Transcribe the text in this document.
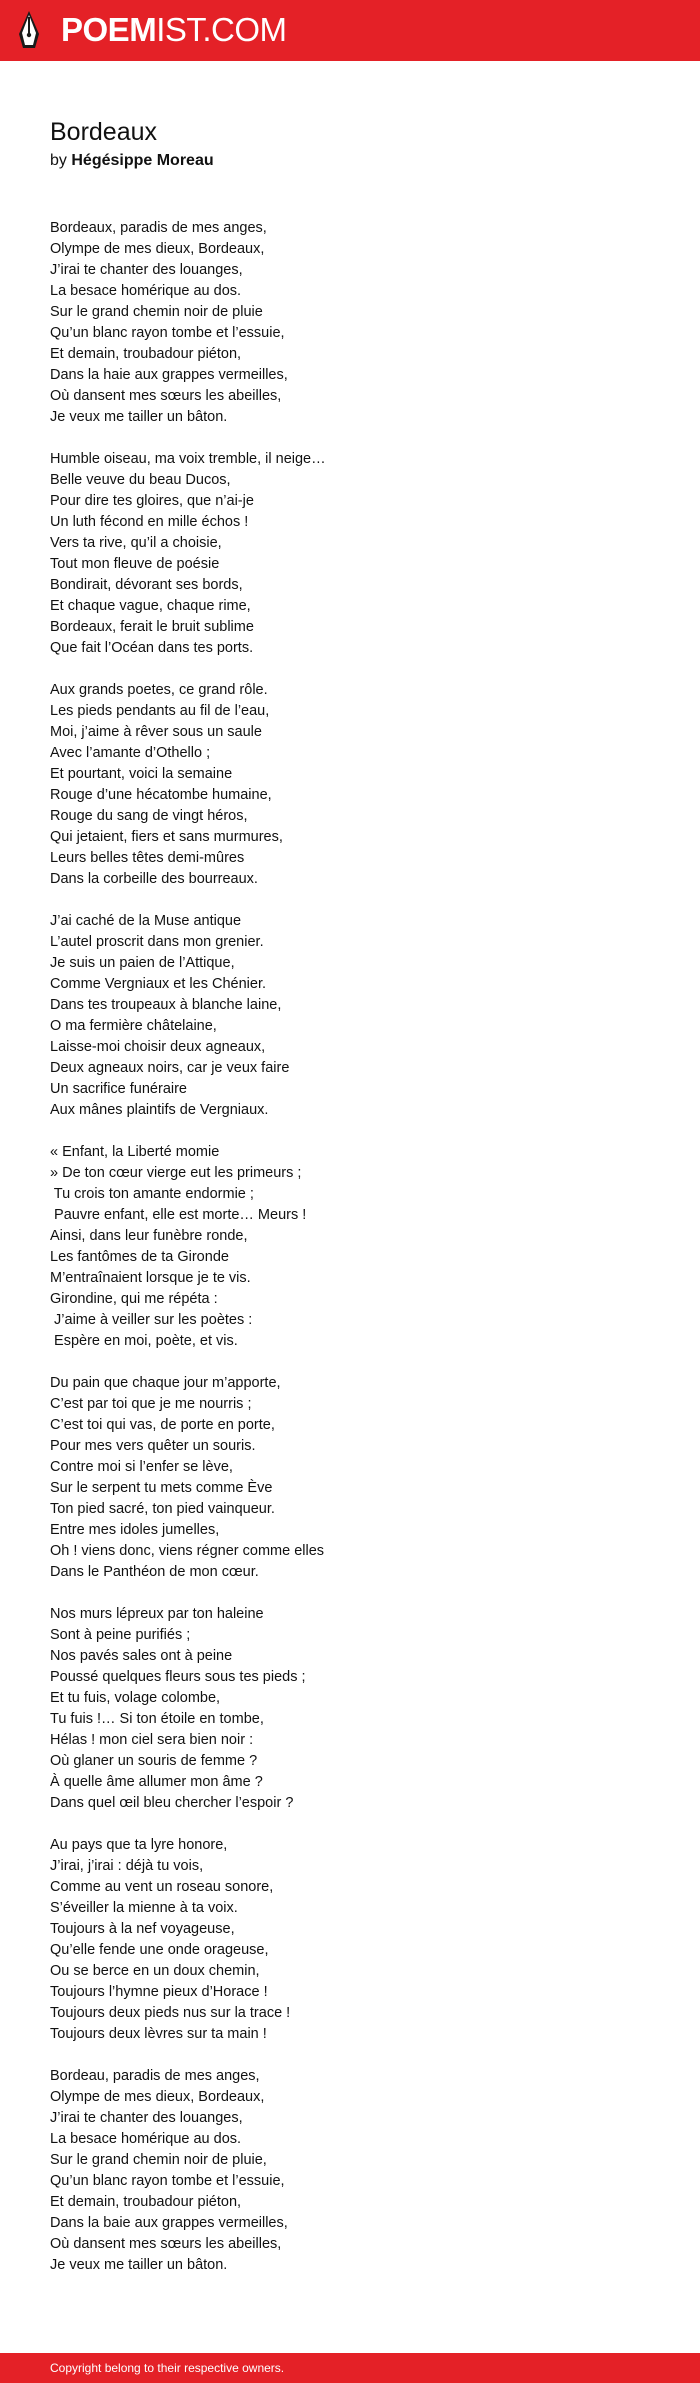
POEMIST.COM
Bordeaux

by Hégésippe Moreau

Bordeaux, paradis de mes anges,
Olympe de mes dieux, Bordeaux,
J’irai te chanter des louanges,
La besace homérique au dos.
Sur le grand chemin noir de pluie
Qu’un blanc rayon tombe et l’essuie,
Et demain, troubadour piéton,
Dans la haie aux grappes vermeilles,
Où dansent mes sœurs les abeilles,
Je veux me tailler un bâton.
Humble oiseau, ma voix tremble, il neige…
Belle veuve du beau Ducos,
Pour dire tes gloires, que n’ai-je
Un luth fécond en mille échos !
Vers ta rive, qu’il a choisie,
Tout mon fleuve de poésie
Bondirait, dévorant ses bords,
Et chaque vague, chaque rime,
Bordeaux, ferait le bruit sublime
Que fait l’Océan dans tes ports.
Aux grands poetes, ce grand rôle.
Les pieds pendants au fil de l’eau,
Moi, j’aime à rêver sous un saule
Avec l’amante d’Othello ;
Et pourtant, voici la semaine
Rouge d’une hécatombe humaine,
Rouge du sang de vingt héros,
Qui jetaient, fiers et sans murmures,
Leurs belles têtes demi-mûres
Dans la corbeille des bourreaux.
J’ai caché de la Muse antique
L’autel proscrit dans mon grenier.
Je suis un paien de l’Attique,
Comme Vergniaux et les Chénier.
Dans tes troupeaux à blanche laine,
O ma fermière châtelaine,
Laisse-moi choisir deux agneaux,
Deux agneaux noirs, car je veux faire
Un sacrifice funéraire
Aux mânes plaintifs de Vergniaux.
« Enfant, la Liberté momie
» De ton cœur vierge eut les primeurs ;
Tu crois ton amante endormie ;
Pauvre enfant, elle est morte… Meurs !
Ainsi, dans leur funèbre ronde,
Les fantômes de ta Gironde
M’entraînaient lorsque je te vis.
Girondine, qui me répéta :
J’aime à veiller sur les poètes :
Espère en moi, poète, et vis.
Du pain que chaque jour m’apporte,
C’est par toi que je me nourris ;
C’est toi qui vas, de porte en porte,
Pour mes vers quêter un souris.
Contre moi si l’enfer se lève,
Sur le serpent tu mets comme Ève
Ton pied sacré, ton pied vainqueur.
Entre mes idoles jumelles,
Oh ! viens donc, viens régner comme elles
Dans le Panthéon de mon cœur.
Nos murs lépreux par ton haleine
Sont à peine purifiés ;
Nos pavés sales ont à peine
Poussé quelques fleurs sous tes pieds ;
Et tu fuis, volage colombe,
Tu fuis !… Si ton étoile en tombe,
Hélas ! mon ciel sera bien noir :
Où glaner un souris de femme ?
À quelle âme allumer mon âme ?
Dans quel œil bleu chercher l’espoir ?
Au pays que ta lyre honore,
J’irai, j’irai : déjà tu vois,
Comme au vent un roseau sonore,
S’éveiller la mienne à ta voix.
Toujours à la nef voyageuse,
Qu’elle fende une onde orageuse,
Ou se berce en un doux chemin,
Toujours l’hymne pieux d’Horace !
Toujours deux pieds nus sur la trace !
Toujours deux lèvres sur ta main !
Bordeau, paradis de mes anges,
Olympe de mes dieux, Bordeaux,
J’irai te chanter des louanges,
La besace homérique au dos.
Sur le grand chemin noir de pluie,
Qu’un blanc rayon tombe et l’essuie,
Et demain, troubadour piéton,
Dans la baie aux grappes vermeilles,
Où dansent mes sœurs les abeilles,
Je veux me tailler un bâton.
Copyright belong to their respective owners.
